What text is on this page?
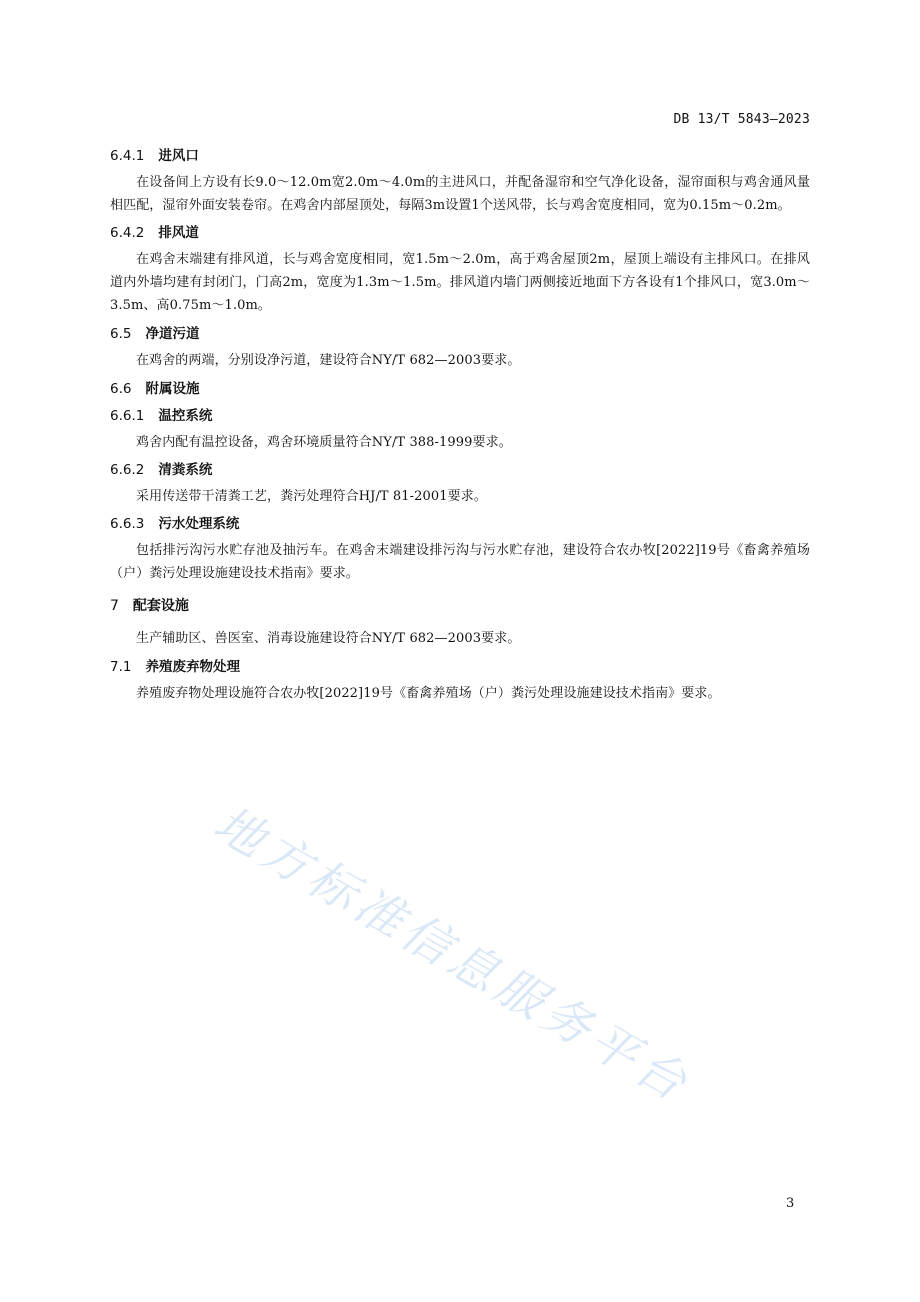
DB 13/T 5843—2023
6.4.1 进风口

在设备间上方设有长9.0～12.0m宽2.0m～4.0m的主进风口，并配备湿帘和空气净化设备，湿帘面积与鸡舍通风量相匹配，湿帘外面安装卷帘。在鸡舍内部屋顶处，每隔3m设置1个送风带，长与鸡舍宽度相同，宽为0.15m～0.2m。

6.4.2 排风道

在鸡舍末端建有排风道，长与鸡舍宽度相同，宽1.5m～2.0m，高于鸡舍屋顶2m，屋顶上端设有主排风口。在排风道内外墙均建有封闭门，门高2m，宽度为1.3m～1.5m。排风道内墙门两侧接近地面下方各设有1个排风口，宽3.0m～3.5m、高0.75m～1.0m。

6.5 净道污道

在鸡舍的两端，分别设净污道，建设符合NY/T 682—2003要求。

6.6 附属设施
6.6.1 温控系统

鸡舍内配有温控设备，鸡舍环境质量符合NY/T 388-1999要求。

6.6.2 清粪系统

采用传送带干清粪工艺，粪污处理符合HJ/T 81-2001要求。

6.6.3 污水处理系统

包括排污沟污水贮存池及抽污车。在鸡舍末端建设排污沟与污水贮存池，建设符合农办牧[2022]19号《畜禽养殖场（户）粪污处理设施建设技术指南》要求。

7 配套设施

生产辅助区、兽医室、消毒设施建设符合NY/T 682—2003要求。

7.1 养殖废弃物处理

养殖废弃物处理设施符合农办牧[2022]19号《畜禽养殖场（户）粪污处理设施建设技术指南》要求。

地方标准信息服务平台
3
